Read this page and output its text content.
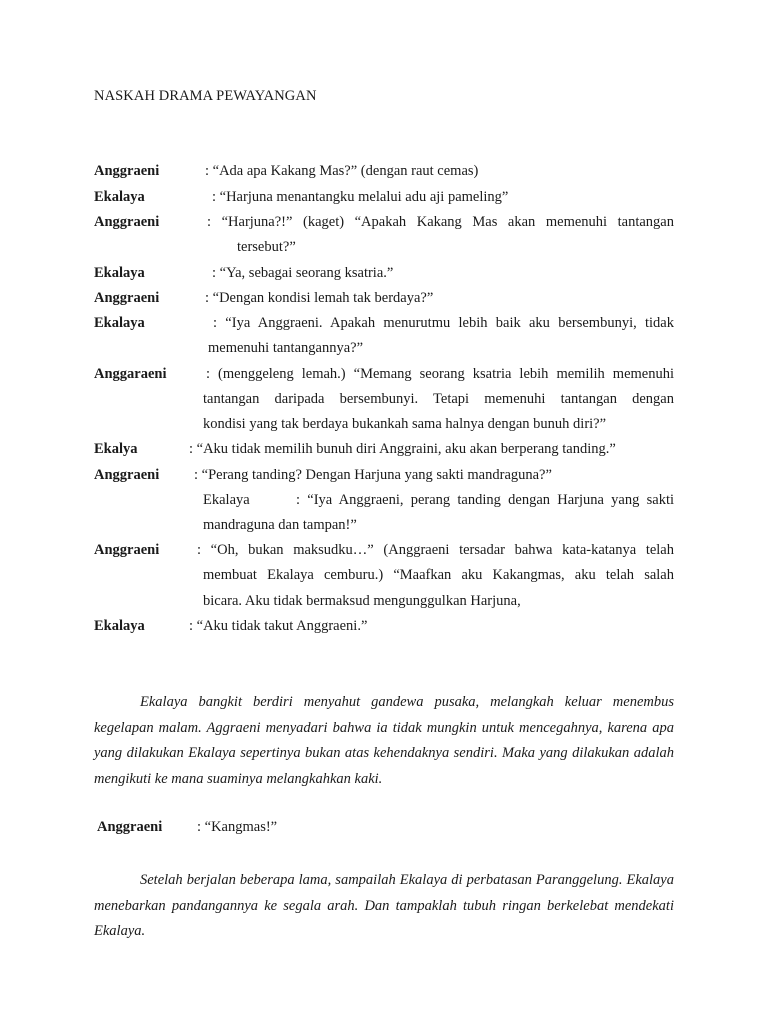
NASKAH DRAMA PEWAYANGAN
Anggraeni	: “Ada apa Kakang Mas?” (dengan raut cemas)
Ekalaya	: “Harjuna menantangku melalui adu aji pameling”
Anggraeni	: “Harjuna?!” (kaget) “Apakah Kakang Mas akan memenuhi tantangan
tersebut?”
Ekalaya	: “Ya, sebagai seorang ksatria.”
Anggraeni	: “Dengan kondisi lemah tak berdaya?”
Ekalaya	: “Iya Anggraeni. Apakah menurutmu lebih baik aku bersembunyi, tidak
memenuhi tantangannya?”
Anggaraeni	: (menggeleng lemah.) “Memang seorang ksatria lebih memilih memenuhi
tantangan daripada bersembunyi. Tetapi memenuhi tantangan dengan
kondisi yang tak berdaya bukankah sama halnya dengan bunuh diri?”
Ekalya	: “Aku tidak memilih bunuh diri Anggraini, aku akan berperang tanding.”
Anggraeni : “Perang tanding? Dengan Harjuna yang sakti mandraguna?”
Ekalaya	: “Iya Anggraeni, perang tanding dengan Harjuna yang sakti
mandraguna dan tampan!”
Anggraeni	: “Oh, bukan maksudku…” (Anggraeni tersadar bahwa kata-katanya telah
membuat Ekalaya cemburu.) “Maafkan aku Kakangmas, aku telah salah
bicara. Aku tidak bermaksud mengunggulkan Harjuna,
Ekalaya	: “Aku tidak takut Anggraeni.”
Ekalaya bangkit berdiri menyahut gandewa pusaka, melangkah keluar menembus kegelapan malam. Aggraeni menyadari bahwa ia tidak mungkin untuk mencegahnya, karena apa yang dilakukan Ekalaya sepertinya bukan atas kehendaknya sendiri. Maka yang dilakukan adalah mengikuti ke mana suaminya melangkahkan kaki.
Anggraeni : “Kangmas!”
Setelah berjalan beberapa lama, sampailah Ekalaya di perbatasan Paranggelung. Ekalaya menebarkan pandangannya ke segala arah. Dan tampaklah tubuh ringan berkelebat mendekati Ekalaya.
